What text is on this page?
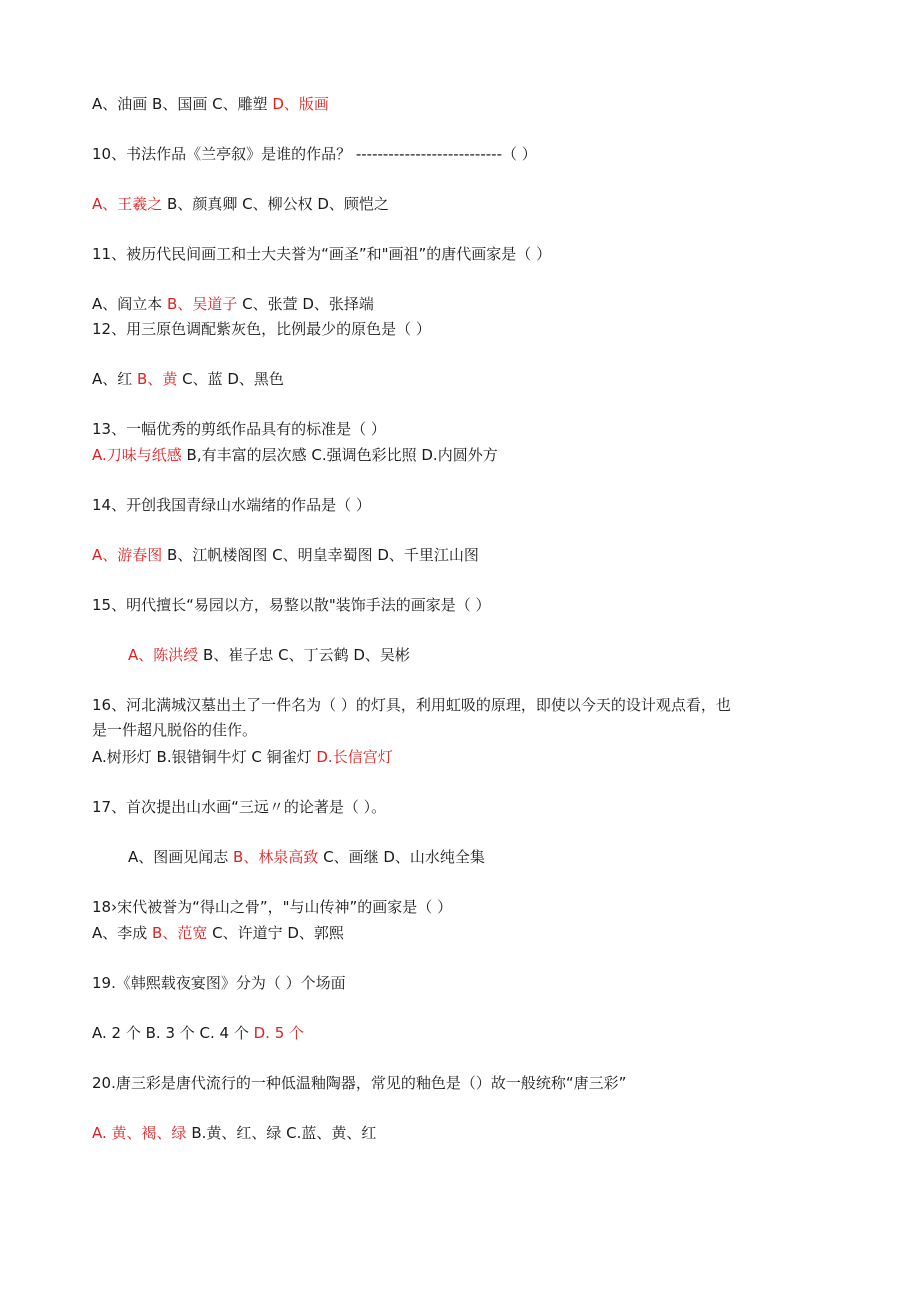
A、油画 B、国画 C、雕塑 D、版画
10、书法作品《兰亭叙》是谁的作品？ ---------------------------（ ）
A、王羲之 B、颜真卿 C、柳公权 D、顾恺之
11、被历代民间画工和士大夫誉为“画圣”和"画祖”的唐代画家是（ ）
A、阎立本 B、吴道子 C、张萱 D、张择端
12、用三原色调配紫灰色，比例最少的原色是（ ）
A、红 B、黄 C、蓝 D、黑色
13、一幅优秀的剪纸作品具有的标准是（ ）
A.刀味与纸感 B,有丰富的层次感 C.强调色彩比照 D.内圆外方
14、开创我国青绿山水端绪的作品是（ ）
A、游春图 B、江帆楼阁图 C、明皇幸蜀图 D、千里江山图
15、明代擅长“易园以方，易整以散"装饰手法的画家是（ ）
A、陈洪绶 B、崔子忠 C、丁云鹤 D、吴彬
16、河北满城汉墓出土了一件名为（ ）的灯具，利用虹吸的原理，即使以今天的设计观点看，也
是一件超凡脱俗的佳作。
A.树形灯 B.银错铜牛灯 C 铜雀灯 D.长信宫灯
17、首次提出山水画“三远〃的论著是（ ）。
A、图画见闻志 B、林泉高致 C、画继 D、山水纯全集
18›宋代被誉为“得山之骨”，"与山传神”的画家是（ ）
A、李成 B、范宽 C、许道宁 D、郭熙
19.《韩熙载夜宴图》分为（ ）个场面
A. 2 个 B. 3 个 C. 4 个 D. 5 个
20.唐三彩是唐代流行的一种低温釉陶器，常见的釉色是（）故一般统称“唐三彩”
A. 黄、褐、绿 B.黄、红、绿 C.蓝、黄、红
